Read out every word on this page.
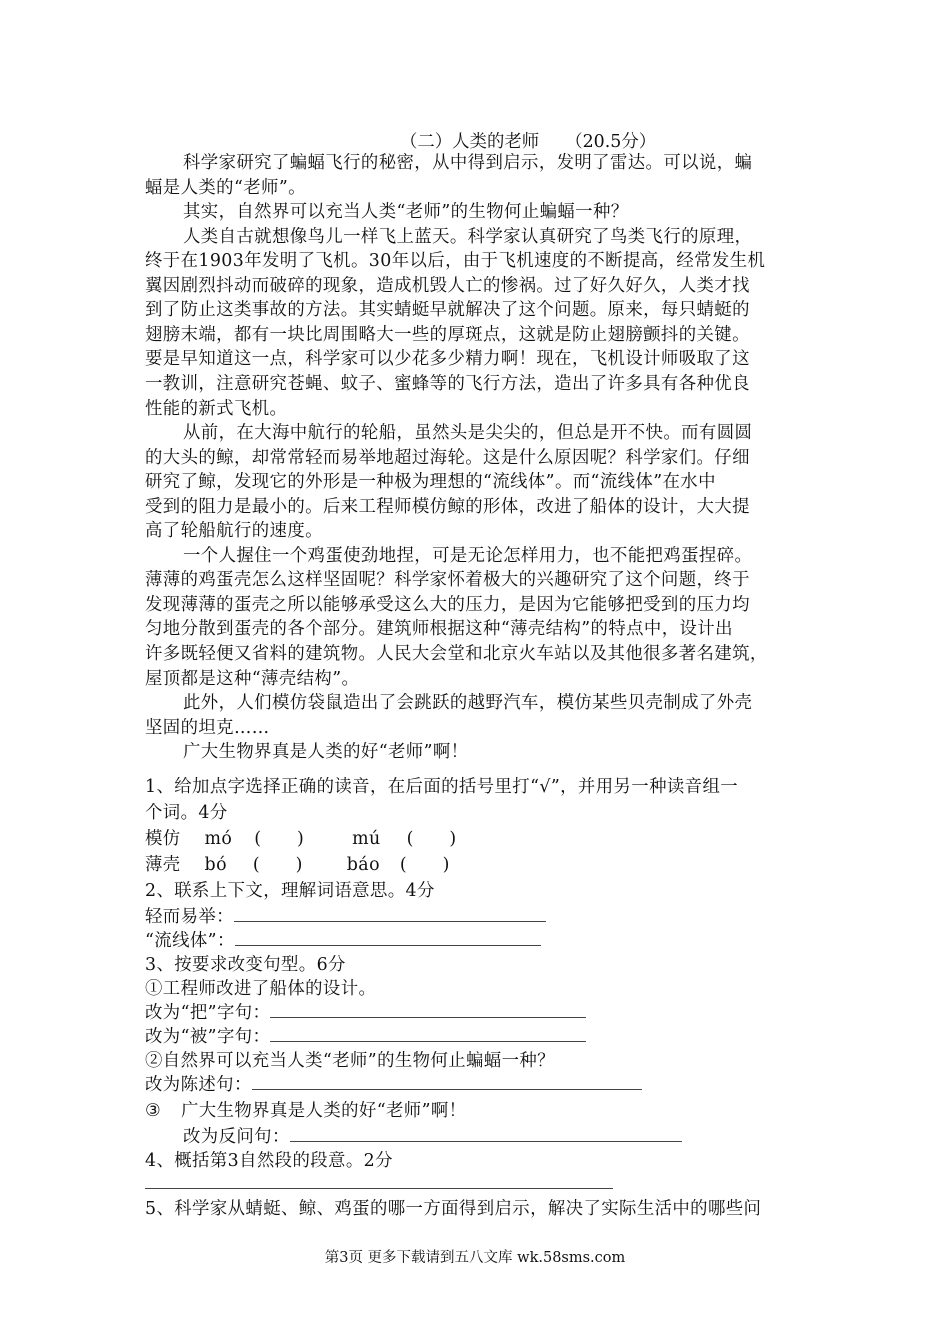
（二）人类的老师　　（20.5分）
科学家研究了蝙蝠飞行的秘密，从中得到启示，发明了雷达。可以说，蝙
蝠是人类的“老师”。
其实，自然界可以充当人类“老师”的生物何止蝙蝠一种？
人类自古就想像鸟儿一样飞上蓝天。科学家认真研究了鸟类飞行的原理，
终于在1903年发明了飞机。30年以后，由于飞机速度的不断提高，经常发生机
翼因剧烈抖动而破碎的现象，造成机毁人亡的惨祸。过了好久好久，人类才找
到了防止这类事故的方法。其实蜻蜓早就解决了这个问题。原来，每只蜻蜓的
翅膀末端，都有一块比周围略大一些的厚斑点，这就是防止翅膀颤抖的关键。
要是早知道这一点，科学家可以少花多少精力啊！现在，飞机设计师吸取了这
一教训，注意研究苍蝇、蚊子、蜜蜂等的飞行方法，造出了许多具有各种优良
性能的新式飞机。
从前，在大海中航行的轮船，虽然头是尖尖的，但总是开不快。而有圆圆
的大头的鲸，却常常轻而易举地超过海轮。这是什么原因呢？科学家们。仔细
研究了鲸，发现它的外形是一种极为理想的“流线体”。而“流线体”在水中
受到的阻力是最小的。后来工程师模仿鲸的形体，改进了船体的设计，大大提
高了轮船航行的速度。
一个人握住一个鸡蛋使劲地捏，可是无论怎样用力，也不能把鸡蛋捏碎。
薄薄的鸡蛋壳怎么这样坚固呢？科学家怀着极大的兴趣研究了这个问题，终于
发现薄薄的蛋壳之所以能够承受这么大的压力，是因为它能够把受到的压力均
匀地分散到蛋壳的各个部分。建筑师根据这种“薄壳结构”的特点中，设计出
许多既轻便又省料的建筑物。人民大会堂和北京火车站以及其他很多著名建筑，
屋顶都是这种“薄壳结构”。
此外，人们模仿袋鼠造出了会跳跃的越野汽车，模仿某些贝壳制成了外壳
坚固的坦克……
广大生物界真是人类的好“老师”啊！
1、给加点字选择正确的读音，在后面的括号里打“√”，并用另一种读音组一
个词。4分
模仿 mó (　　)	mú (　　)
薄壳 bó (　　)	báo (　　)
2、联系上下文，理解词语意思。4分
轻而易举：
“流线体”：
3、按要求改变句型。6分
①工程师改进了船体的设计。
改为“把”字句：
改为“被”字句：
②自然界可以充当人类“老师”的生物何止蝙蝠一种？
改为陈述句：
③ 广大生物界真是人类的好“老师”啊！
改为反问句：
4、概括第3自然段的段意。2分
5、科学家从蜻蜓、鲸、鸡蛋的哪一方面得到启示，解决了实际生活中的哪些问
第3页 更多下载请到五八文库 wk.58sms.com
